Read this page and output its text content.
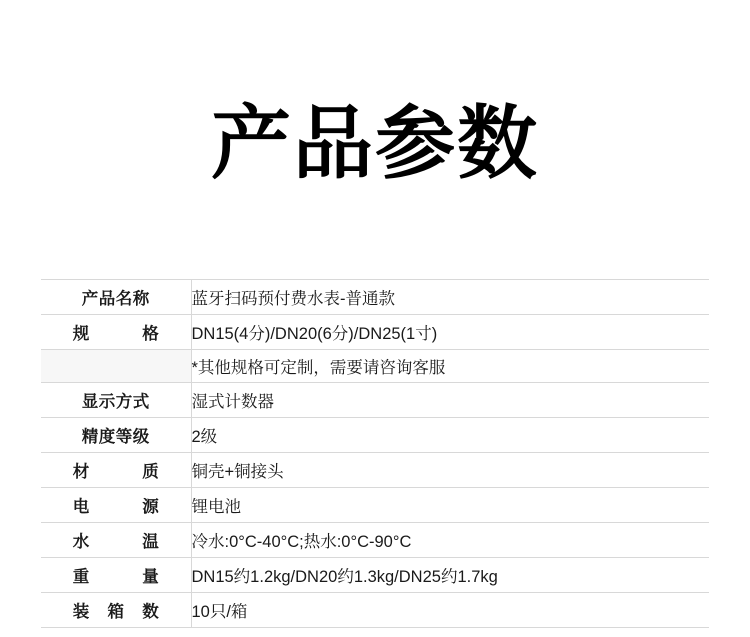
产品参数
产品名称	蓝牙扫码预付费水表-普通款
规格	DN15(4分)/DN20(6分)/DN25(1寸)
	*其他规格可定制，需要请咨询客服
显示方式	湿式计数器
精度等级	2级
材质	铜壳+铜接头
电源	锂电池
水温	冷水:0°C-40°C;热水:0°C-90°C
重量	DN15约1.2kg/DN20约1.3kg/DN25约1.7kg
装箱数	10只/箱
